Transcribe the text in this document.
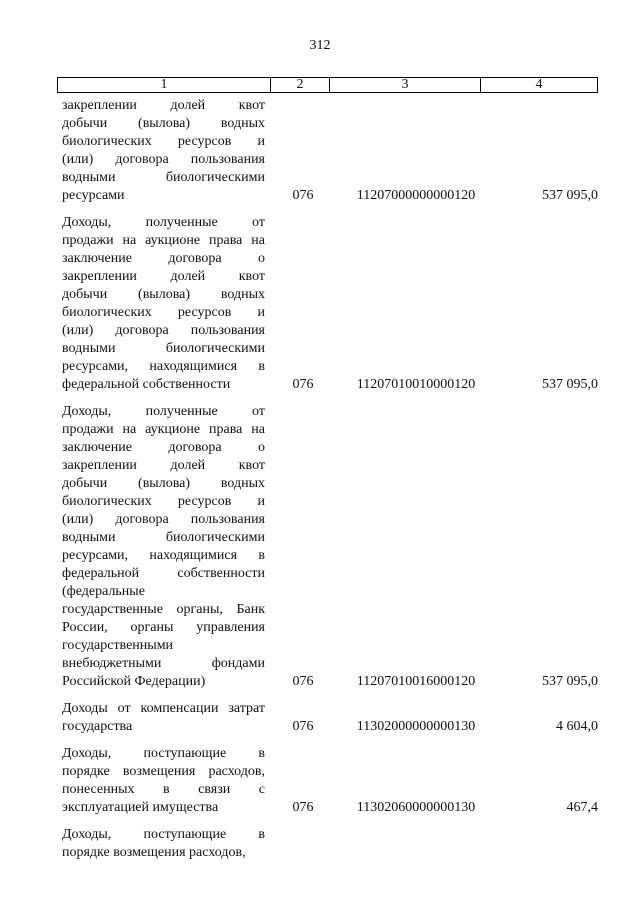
312
1	2	3	4
закреплении долей квот
добычи (вылова) водных
биологических ресурсов и
(или) договора пользования
водными биологическими
ресурсами	076	11207000000000120	537 095,0
Доходы, полученные от
продажи на аукционе права на
заключение договора о
закреплении долей квот
добычи (вылова) водных
биологических ресурсов и
(или) договора пользования
водными биологическими
ресурсами, находящимися в
федеральной собственности	076	11207010010000120	537 095,0
Доходы, полученные от
продажи на аукционе права на
заключение договора о
закреплении долей квот
добычи (вылова) водных
биологических ресурсов и
(или) договора пользования
водными биологическими
ресурсами, находящимися в
федеральной собственности
(федеральные
государственные органы, Банк
России, органы управления
государственными
внебюджетными фондами
Российской Федерации)	076	11207010016000120	537 095,0
Доходы от компенсации затрат
государства	076	11302000000000130	4 604,0
Доходы, поступающие в
порядке возмещения расходов,
понесенных в связи с
эксплуатацией имущества	076	11302060000000130	467,4
Доходы, поступающие в
порядке возмещения расходов,
